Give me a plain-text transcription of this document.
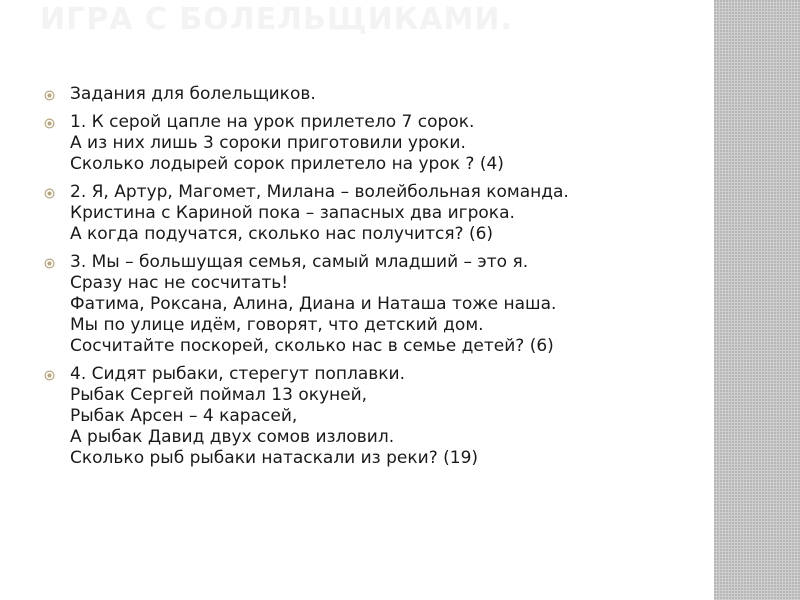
ИГРА С БОЛЕЛЬЩИКАМИ.
Задания для болельщиков.
1. К серой цапле на урок прилетело 7 сорок.
А из них лишь 3 сороки приготовили уроки.
Сколько лодырей сорок прилетело на урок ? (4)
2. Я, Артур, Магомет, Милана – волейбольная команда.
Кристина с Кариной пока – запасных два игрока.
А когда подучатся, сколько нас получится? (6)
3. Мы – большущая семья, самый младший – это я.
Сразу нас не сосчитать!
Фатима, Роксана, Алина, Диана и Наташа тоже наша.
Мы по улице идём, говорят, что детский дом.
Сосчитайте поскорей, сколько нас в семье детей? (6)
4. Сидят рыбаки, стерегут поплавки.
Рыбак Сергей поймал 13 окуней,
Рыбак Арсен – 4 карасей,
А рыбак Давид двух сомов изловил.
Сколько рыб рыбаки натаскали из реки? (19)
